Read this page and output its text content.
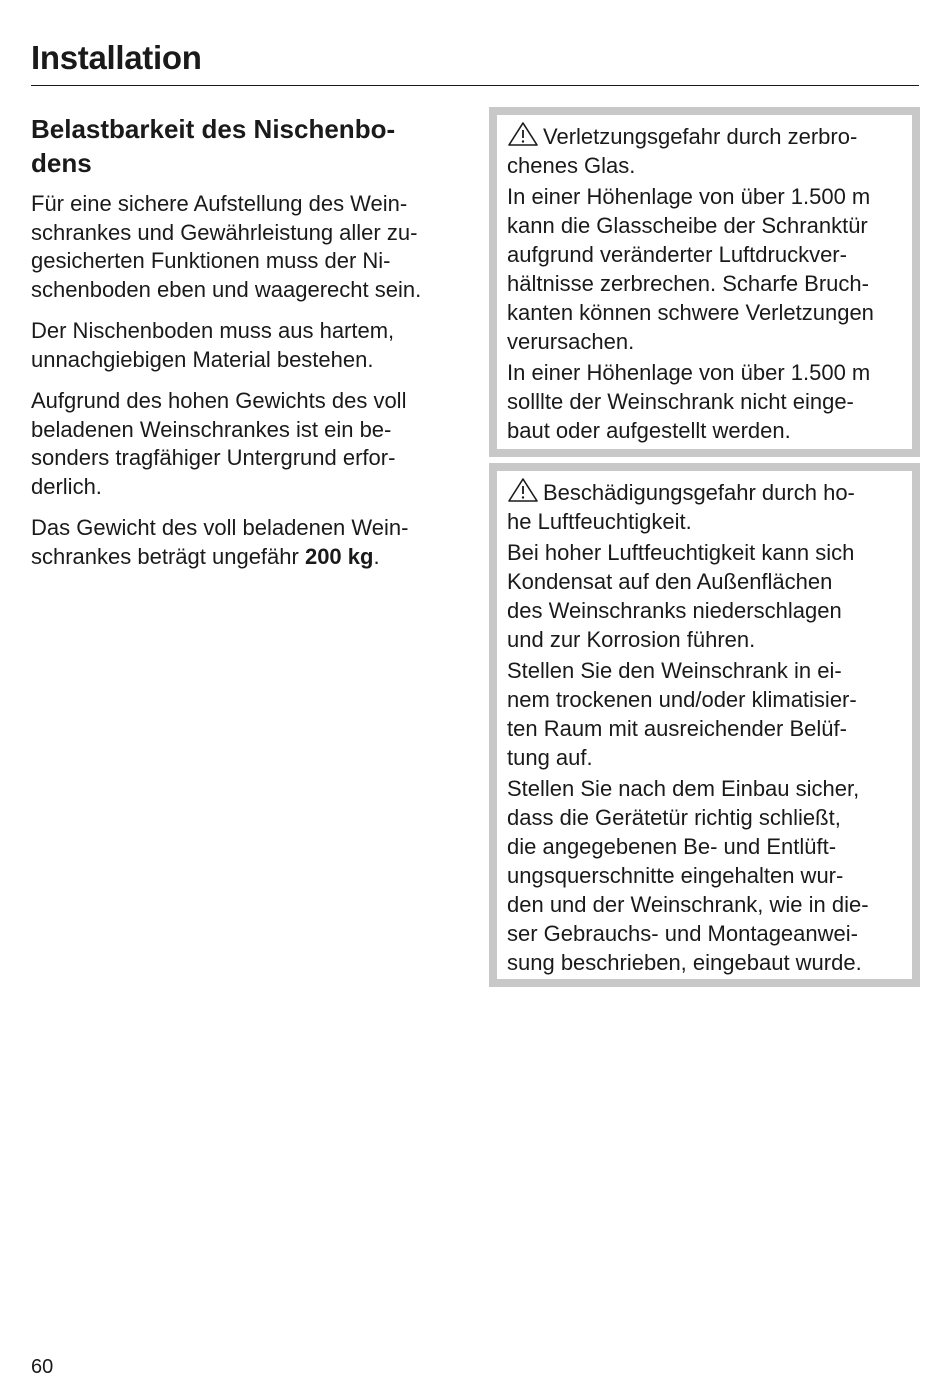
Installation
Belastbarkeit des Nischenbo-
dens
Für eine sichere Aufstellung des Wein-
schrankes und Gewährleistung aller zu-
gesicherten Funktionen muss der Ni-
schenboden eben und waagerecht sein.
Der Nischenboden muss aus hartem,
unnachgiebigen Material bestehen.
Aufgrund des hohen Gewichts des voll
beladenen Weinschrankes ist ein be-
sonders tragfähiger Untergrund erfor-
derlich.
Das Gewicht des voll beladenen Wein-
schrankes beträgt ungefähr 200 kg.

Verletzungsgefahr durch zerbro-
chenes Glas.

In einer Höhenlage von über 1.500 m
kann die Glasscheibe der Schranktür
aufgrund veränderter Luftdruckver-
hältnisse zerbrechen. Scharfe Bruch-
kanten können schwere Verletzungen
verursachen.

In einer Höhenlage von über 1.500 m
solllte der Weinschrank nicht einge-
baut oder aufgestellt werden.

Beschädigungsgefahr durch ho-
he Luftfeuchtigkeit.

Bei hoher Luftfeuchtigkeit kann sich
Kondensat auf den Außenflächen
des Weinschranks niederschlagen
und zur Korrosion führen.

Stellen Sie den Weinschrank in ei-
nem trockenen und/oder klimatisier-
ten Raum mit ausreichender Belüf-
tung auf.

Stellen Sie nach dem Einbau sicher,
dass die Gerätetür richtig schließt,
die angegebenen Be- und Entlüft-
ungsquerschnitte eingehalten wur-
den und der Weinschrank, wie in die-
ser Gebrauchs- und Montageanwei-
sung beschrieben, eingebaut wurde.

60
